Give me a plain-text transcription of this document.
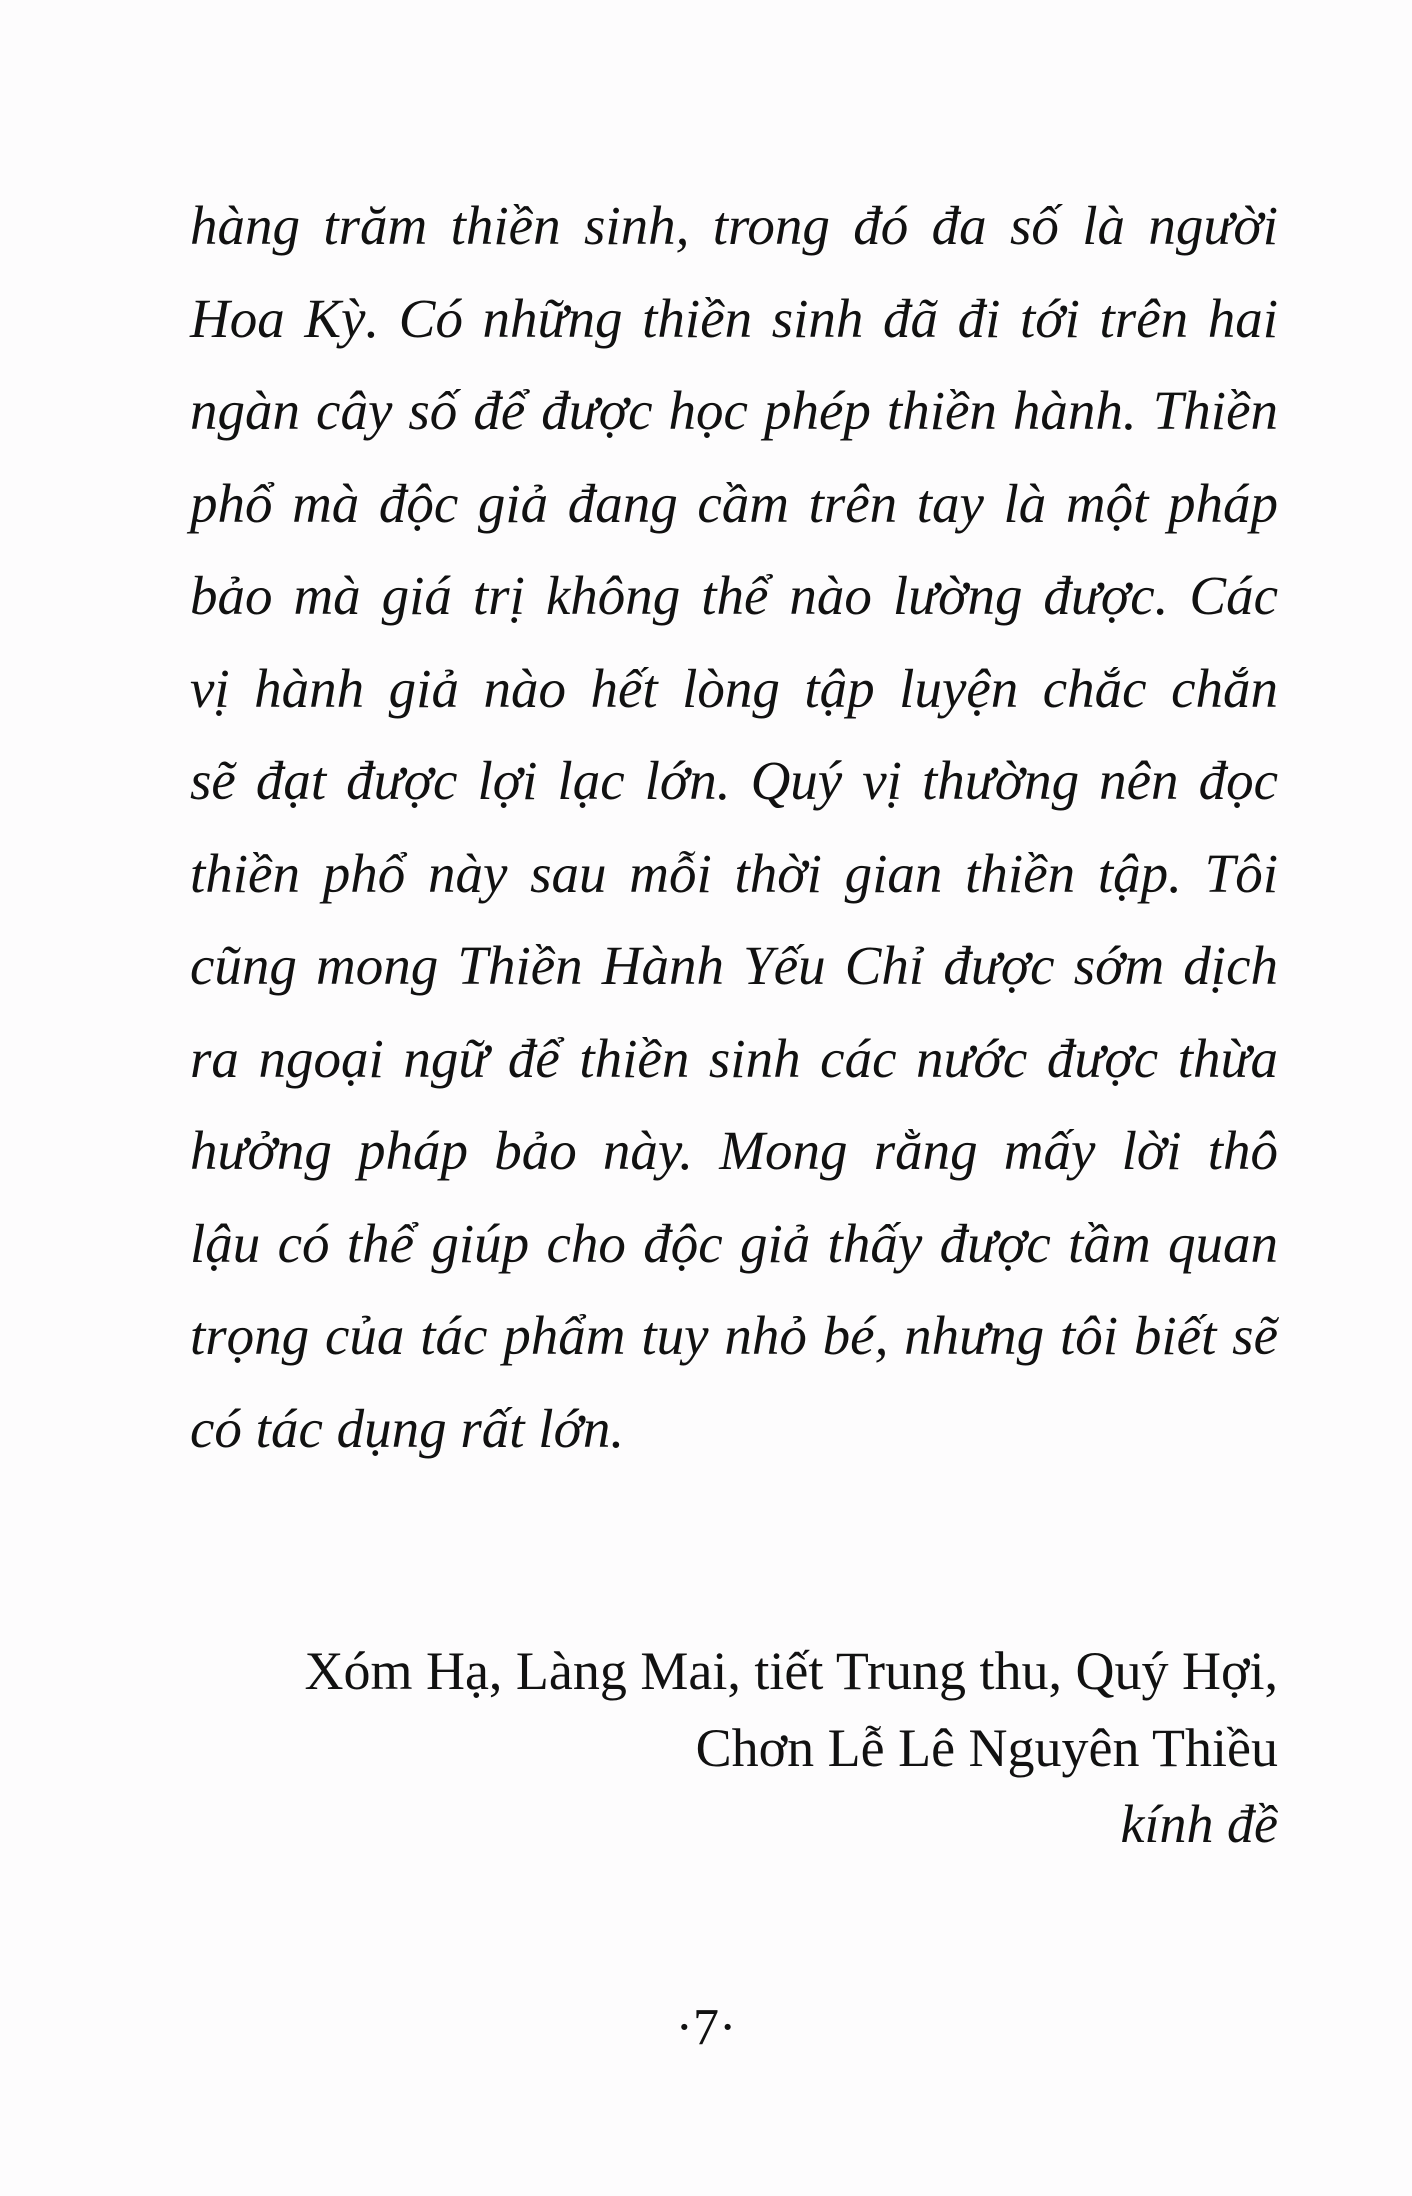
hàng trăm thiền sinh, trong đó đa số là người
Hoa Kỳ. Có những thiền sinh đã đi tới trên hai
ngàn cây số để được học phép thiền hành. Thiền
phổ mà độc giả đang cầm trên tay là một pháp
bảo mà giá trị không thể nào lường được. Các
vị hành giả nào hết lòng tập luyện chắc chắn
sẽ đạt được lợi lạc lớn. Quý vị thường nên đọc
thiền phổ này sau mỗi thời gian thiền tập. Tôi
cũng mong Thiền Hành Yếu Chỉ được sớm dịch
ra ngoại ngữ để thiền sinh các nước được thừa
hưởng pháp bảo này. Mong rằng mấy lời thô
lậu có thể giúp cho độc giả thấy được tầm quan
trọng của tác phẩm tuy nhỏ bé, nhưng tôi biết sẽ
có tác dụng rất lớn.
Xóm Hạ, Làng Mai, tiết Trung thu, Quý Hợi,
Chơn Lễ Lê Nguyên Thiều
kính đề
·7·
